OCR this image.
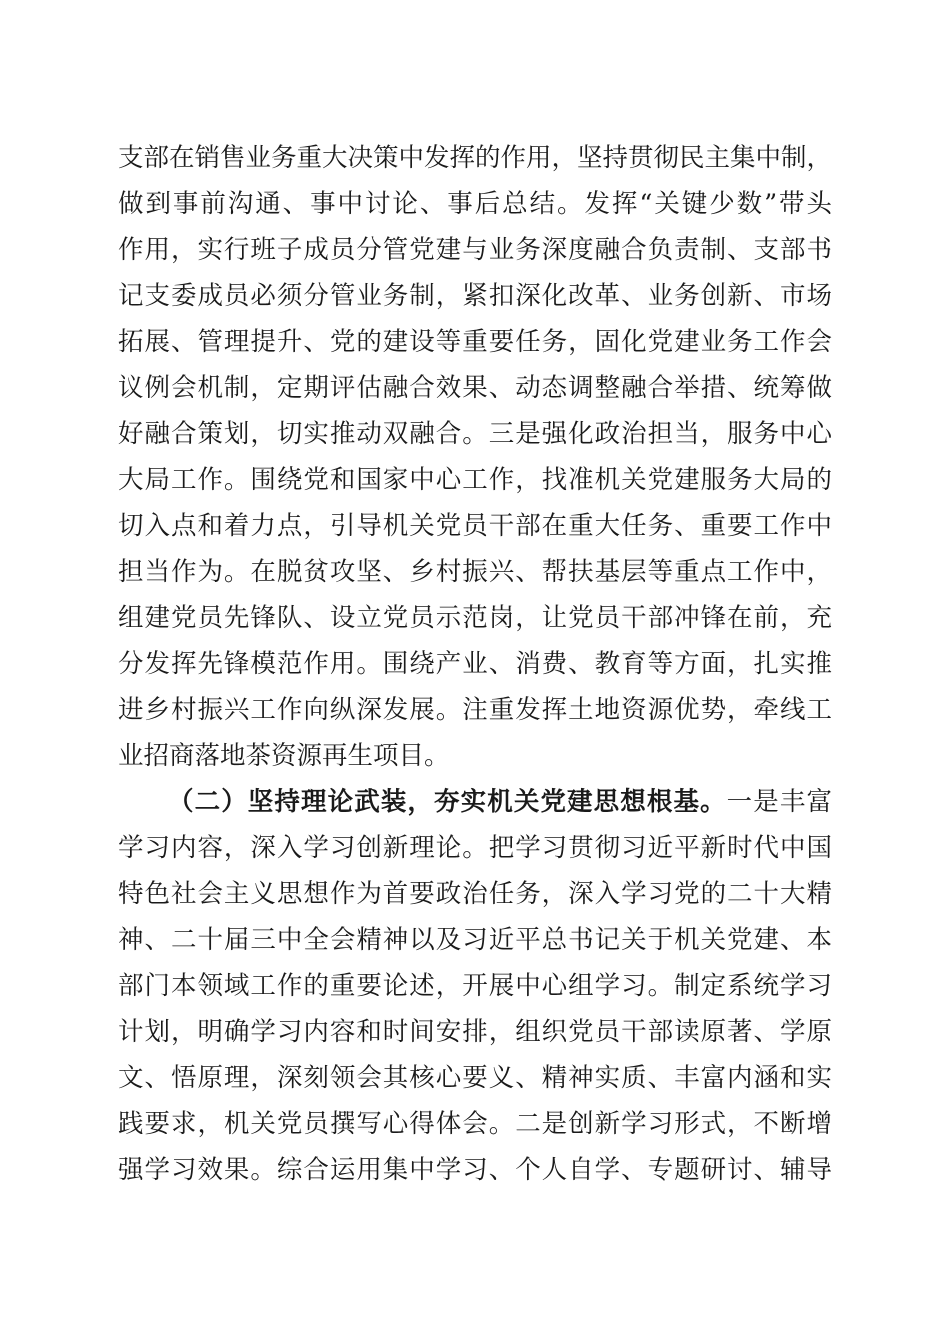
支部在销售业务重大决策中发挥的作用，坚持贯彻民主集中制，
做到事前沟通、事中讨论、事后总结。发挥“关键少数”带头
作用，实行班子成员分管党建与业务深度融合负责制、支部书
记支委成员必须分管业务制，紧扣深化改革、业务创新、市场
拓展、管理提升、党的建设等重要任务，固化党建业务工作会
议例会机制，定期评估融合效果、动态调整融合举措、统筹做
好融合策划，切实推动双融合。三是强化政治担当，服务中心
大局工作。围绕党和国家中心工作，找准机关党建服务大局的
切入点和着力点，引导机关党员干部在重大任务、重要工作中
担当作为。在脱贫攻坚、乡村振兴、帮扶基层等重点工作中，
组建党员先锋队、设立党员示范岗，让党员干部冲锋在前，充
分发挥先锋模范作用。围绕产业、消费、教育等方面，扎实推
进乡村振兴工作向纵深发展。注重发挥土地资源优势，牵线工
业招商落地茶资源再生项目。
（二）坚持理论武装，夯实机关党建思想根基。一是丰富
学习内容，深入学习创新理论。把学习贯彻习近平新时代中国
特色社会主义思想作为首要政治任务，深入学习党的二十大精
神、二十届三中全会精神以及习近平总书记关于机关党建、本
部门本领域工作的重要论述，开展中心组学习。制定系统学习
计划，明确学习内容和时间安排，组织党员干部读原著、学原
文、悟原理，深刻领会其核心要义、精神实质、丰富内涵和实
践要求，机关党员撰写心得体会。二是创新学习形式，不断增
强学习效果。综合运用集中学习、个人自学、专题研讨、辅导
